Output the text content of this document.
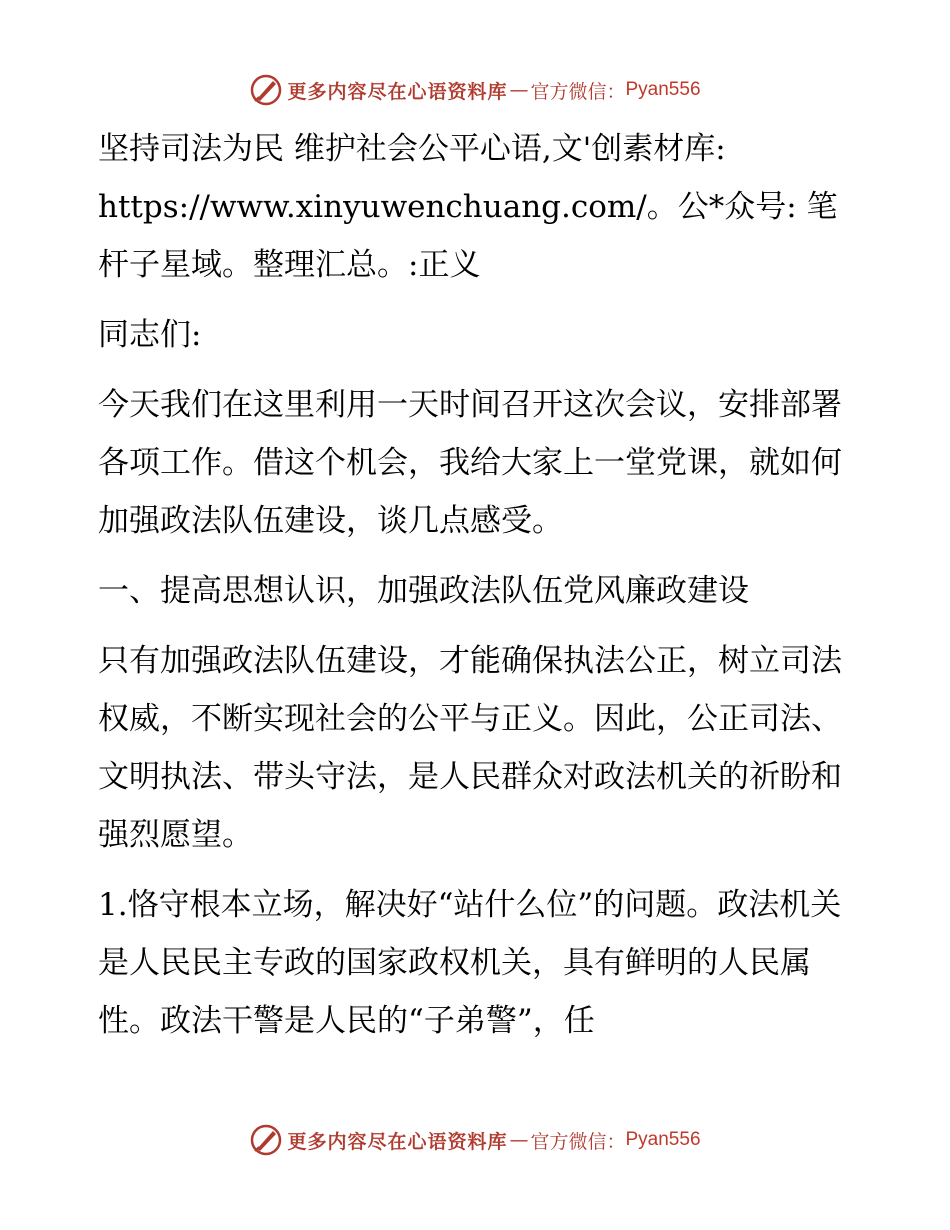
更多内容尽在心语资料库 — 官方微信： Pyan556

坚持司法为民 维护社会公平心语,文'创素材库: https://www.xinyuwenchuang.com/。公*众号: 笔杆子星域。整理汇总。:正义

同志们:

今天我们在这里利用一天时间召开这次会议，安排部署各项工作。借这个机会，我给大家上一堂党课，就如何加强政法队伍建设，谈几点感受。

一、提高思想认识，加强政法队伍党风廉政建设

只有加强政法队伍建设，才能确保执法公正，树立司法权威，不断实现社会的公平与正义。因此，公正司法、文明执法、带头守法，是人民群众对政法机关的祈盼和强烈愿望。

1.恪守根本立场，解决好“站什么位”的问题。政法机关是人民民主专政的国家政权机关，具有鲜明的人民属性。政法干警是人民的“子弟警”，任

更多内容尽在心语资料库 — 官方微信： Pyan556
